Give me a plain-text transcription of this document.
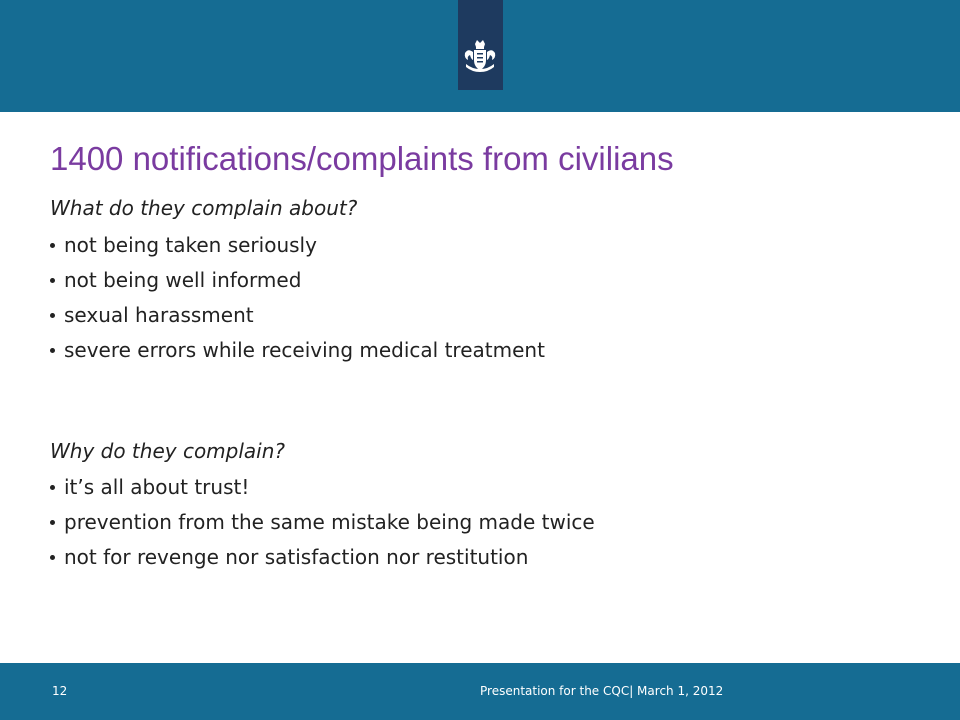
1400 notifications/complaints from civilians

What do they complain about?

not being taken seriously
not being well informed
sexual harassment
severe errors while receiving medical treatment

Why do they complain?

it’s all about trust!
prevention from the same mistake being made twice
not for revenge nor satisfaction nor restitution
12	Presentation for the CQC| March 1, 2012
